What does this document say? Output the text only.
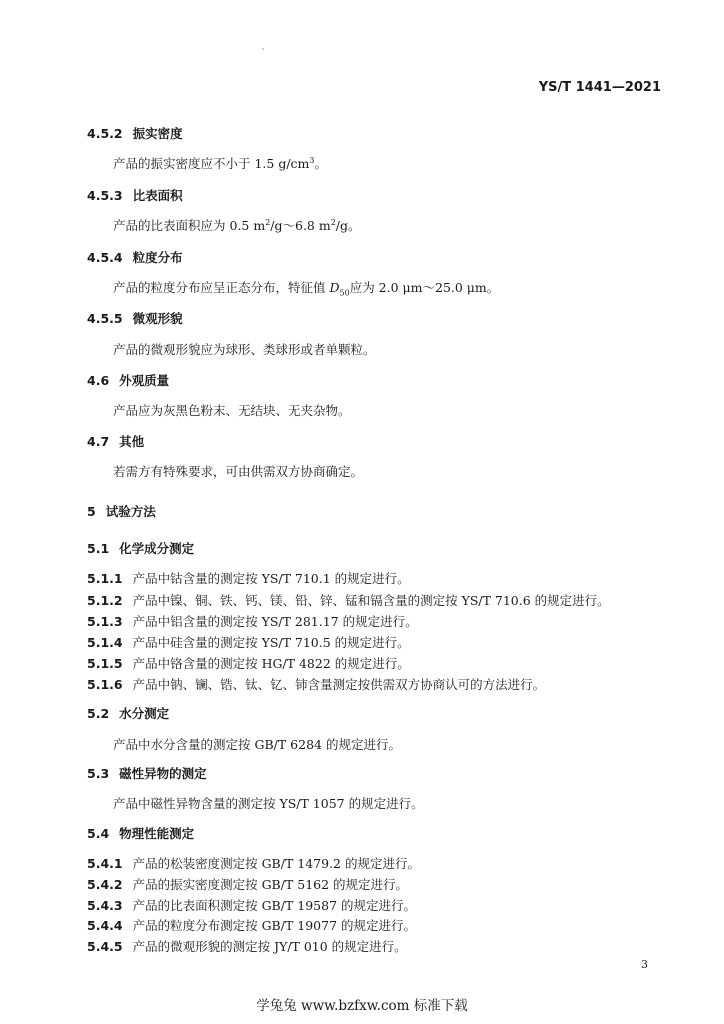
YS/T 1441—2021
4.5.2 振实密度
产品的振实密度应不小于 1.5 $g/cm^3$。
4.5.3 比表面积
产品的比表面积应为 0.5 $m^2/g\sim 6.8$ $m^2/g$。
4.5.4 粒度分布
产品的粒度分布应呈正态分布，特征值 $D_{50}$应为 2.0 μm～25.0 μm。
4.5.5 微观形貌
产品的微观形貌应为球形、类球形或者单颗粒。
4.6 外观质量
产品应为灰黑色粉末、无结块、无夹杂物。
4.7 其他
若需方有特殊要求，可由供需双方协商确定。
5 试验方法
5.1 化学成分测定
5.1.1 产品中钴含量的测定按 YS/T 710.1 的规定进行。
5.1.2 产品中镍、铜、铁、钙、镁、铅、锌、锰和镉含量的测定按 YS/T 710.6 的规定进行。
5.1.3 产品中铝含量的测定按 YS/T 281.17 的规定进行。
5.1.4 产品中硅含量的测定按 YS/T 710.5 的规定进行。
5.1.5 产品中铬含量的测定按 HG/T 4822 的规定进行。
5.1.6 产品中钠、镧、锆、钛、钇、铈含量测定按供需双方协商认可的方法进行。
5.2 水分测定
产品中水分含量的测定按 GB/T 6284 的规定进行。
5.3 磁性异物的测定
产品中磁性异物含量的测定按 YS/T 1057 的规定进行。
5.4 物理性能测定
5.4.1 产品的松装密度测定按 GB/T 1479.2 的规定进行。
5.4.2 产品的振实密度测定按 GB/T 5162 的规定进行。
5.4.3 产品的比表面积测定按 GB/T 19587 的规定进行。
5.4.4 产品的粒度分布测定按 GB/T 19077 的规定进行。
5.4.5 产品的微观形貌的测定按 JY/T 010 的规定进行。
3
学兔兔 www.bzfxw.com 标准下载
